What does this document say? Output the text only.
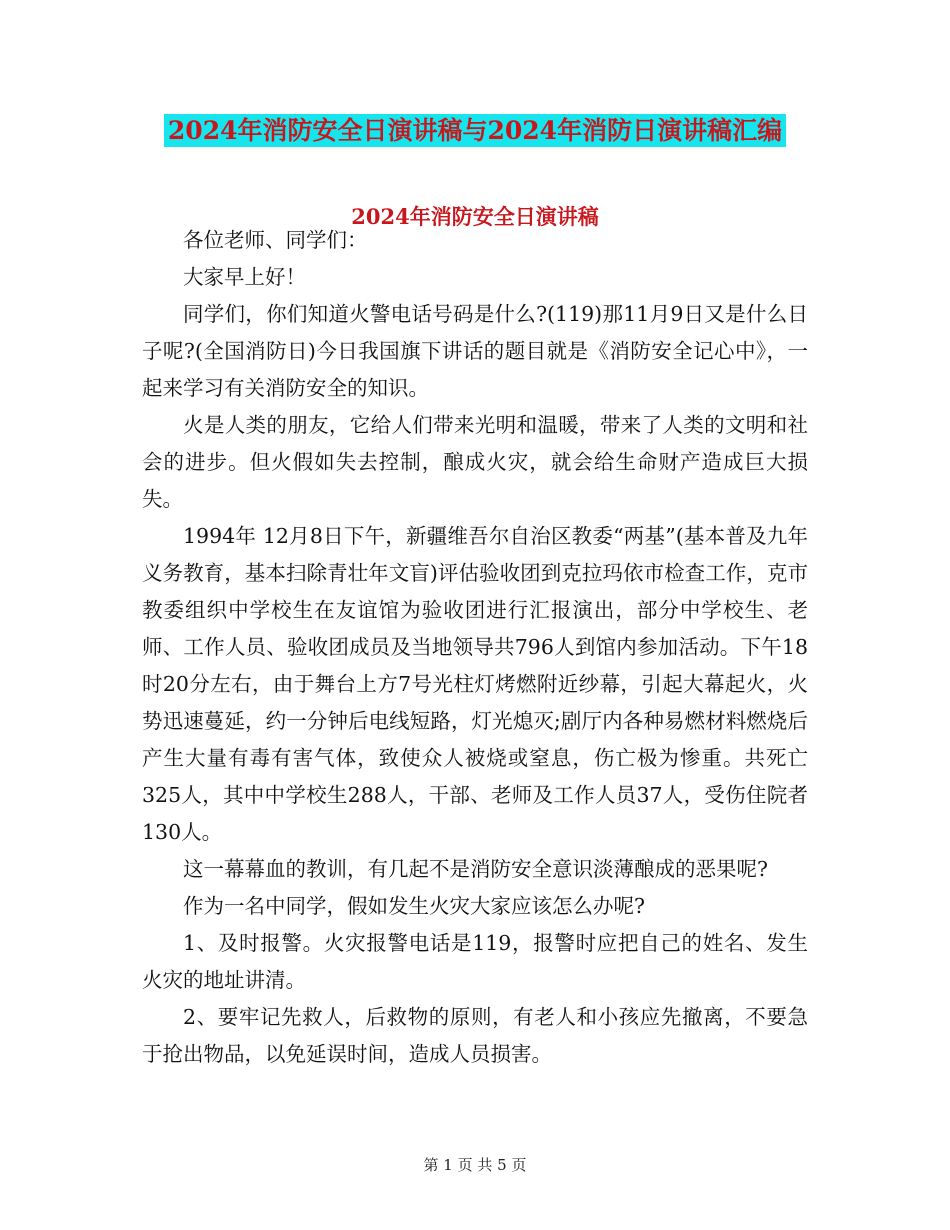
2024年消防安全日演讲稿与2024年消防日演讲稿汇编
2024年消防安全日演讲稿

各位老师、同学们：

大家早上好！

同学们，你们知道火警电话号码是什么?(119)那11月9日又是什么日子呢?(全国消防日)今日我国旗下讲话的题目就是《消防安全记心中》，一起来学习有关消防安全的知识。

火是人类的朋友，它给人们带来光明和温暖，带来了人类的文明和社会的进步。但火假如失去控制，酿成火灾，就会给生命财产造成巨大损失。

1994年 12月8日下午，新疆维吾尔自治区教委“两基”(基本普及九年义务教育，基本扫除青壮年文盲)评估验收团到克拉玛依市检查工作，克市教委组织中学校生在友谊馆为验收团进行汇报演出，部分中学校生、老师、工作人员、验收团成员及当地领导共796人到馆内参加活动。下午18时20分左右，由于舞台上方7号光柱灯烤燃附近纱幕，引起大幕起火，火势迅速蔓延，约一分钟后电线短路，灯光熄灭;剧厅内各种易燃材料燃烧后产生大量有毒有害气体，致使众人被烧或窒息，伤亡极为惨重。共死亡325人，其中中学校生288人，干部、老师及工作人员37人，受伤住院者130人。

这一幕幕血的教训，有几起不是消防安全意识淡薄酿成的恶果呢?

作为一名中同学，假如发生火灾大家应该怎么办呢?

1、及时报警。火灾报警电话是119，报警时应把自己的姓名、发生火灾的地址讲清。

2、要牢记先救人，后救物的原则，有老人和小孩应先撤离，不要急于抢出物品，以免延误时间，造成人员损害。

第 1 页 共 5 页
